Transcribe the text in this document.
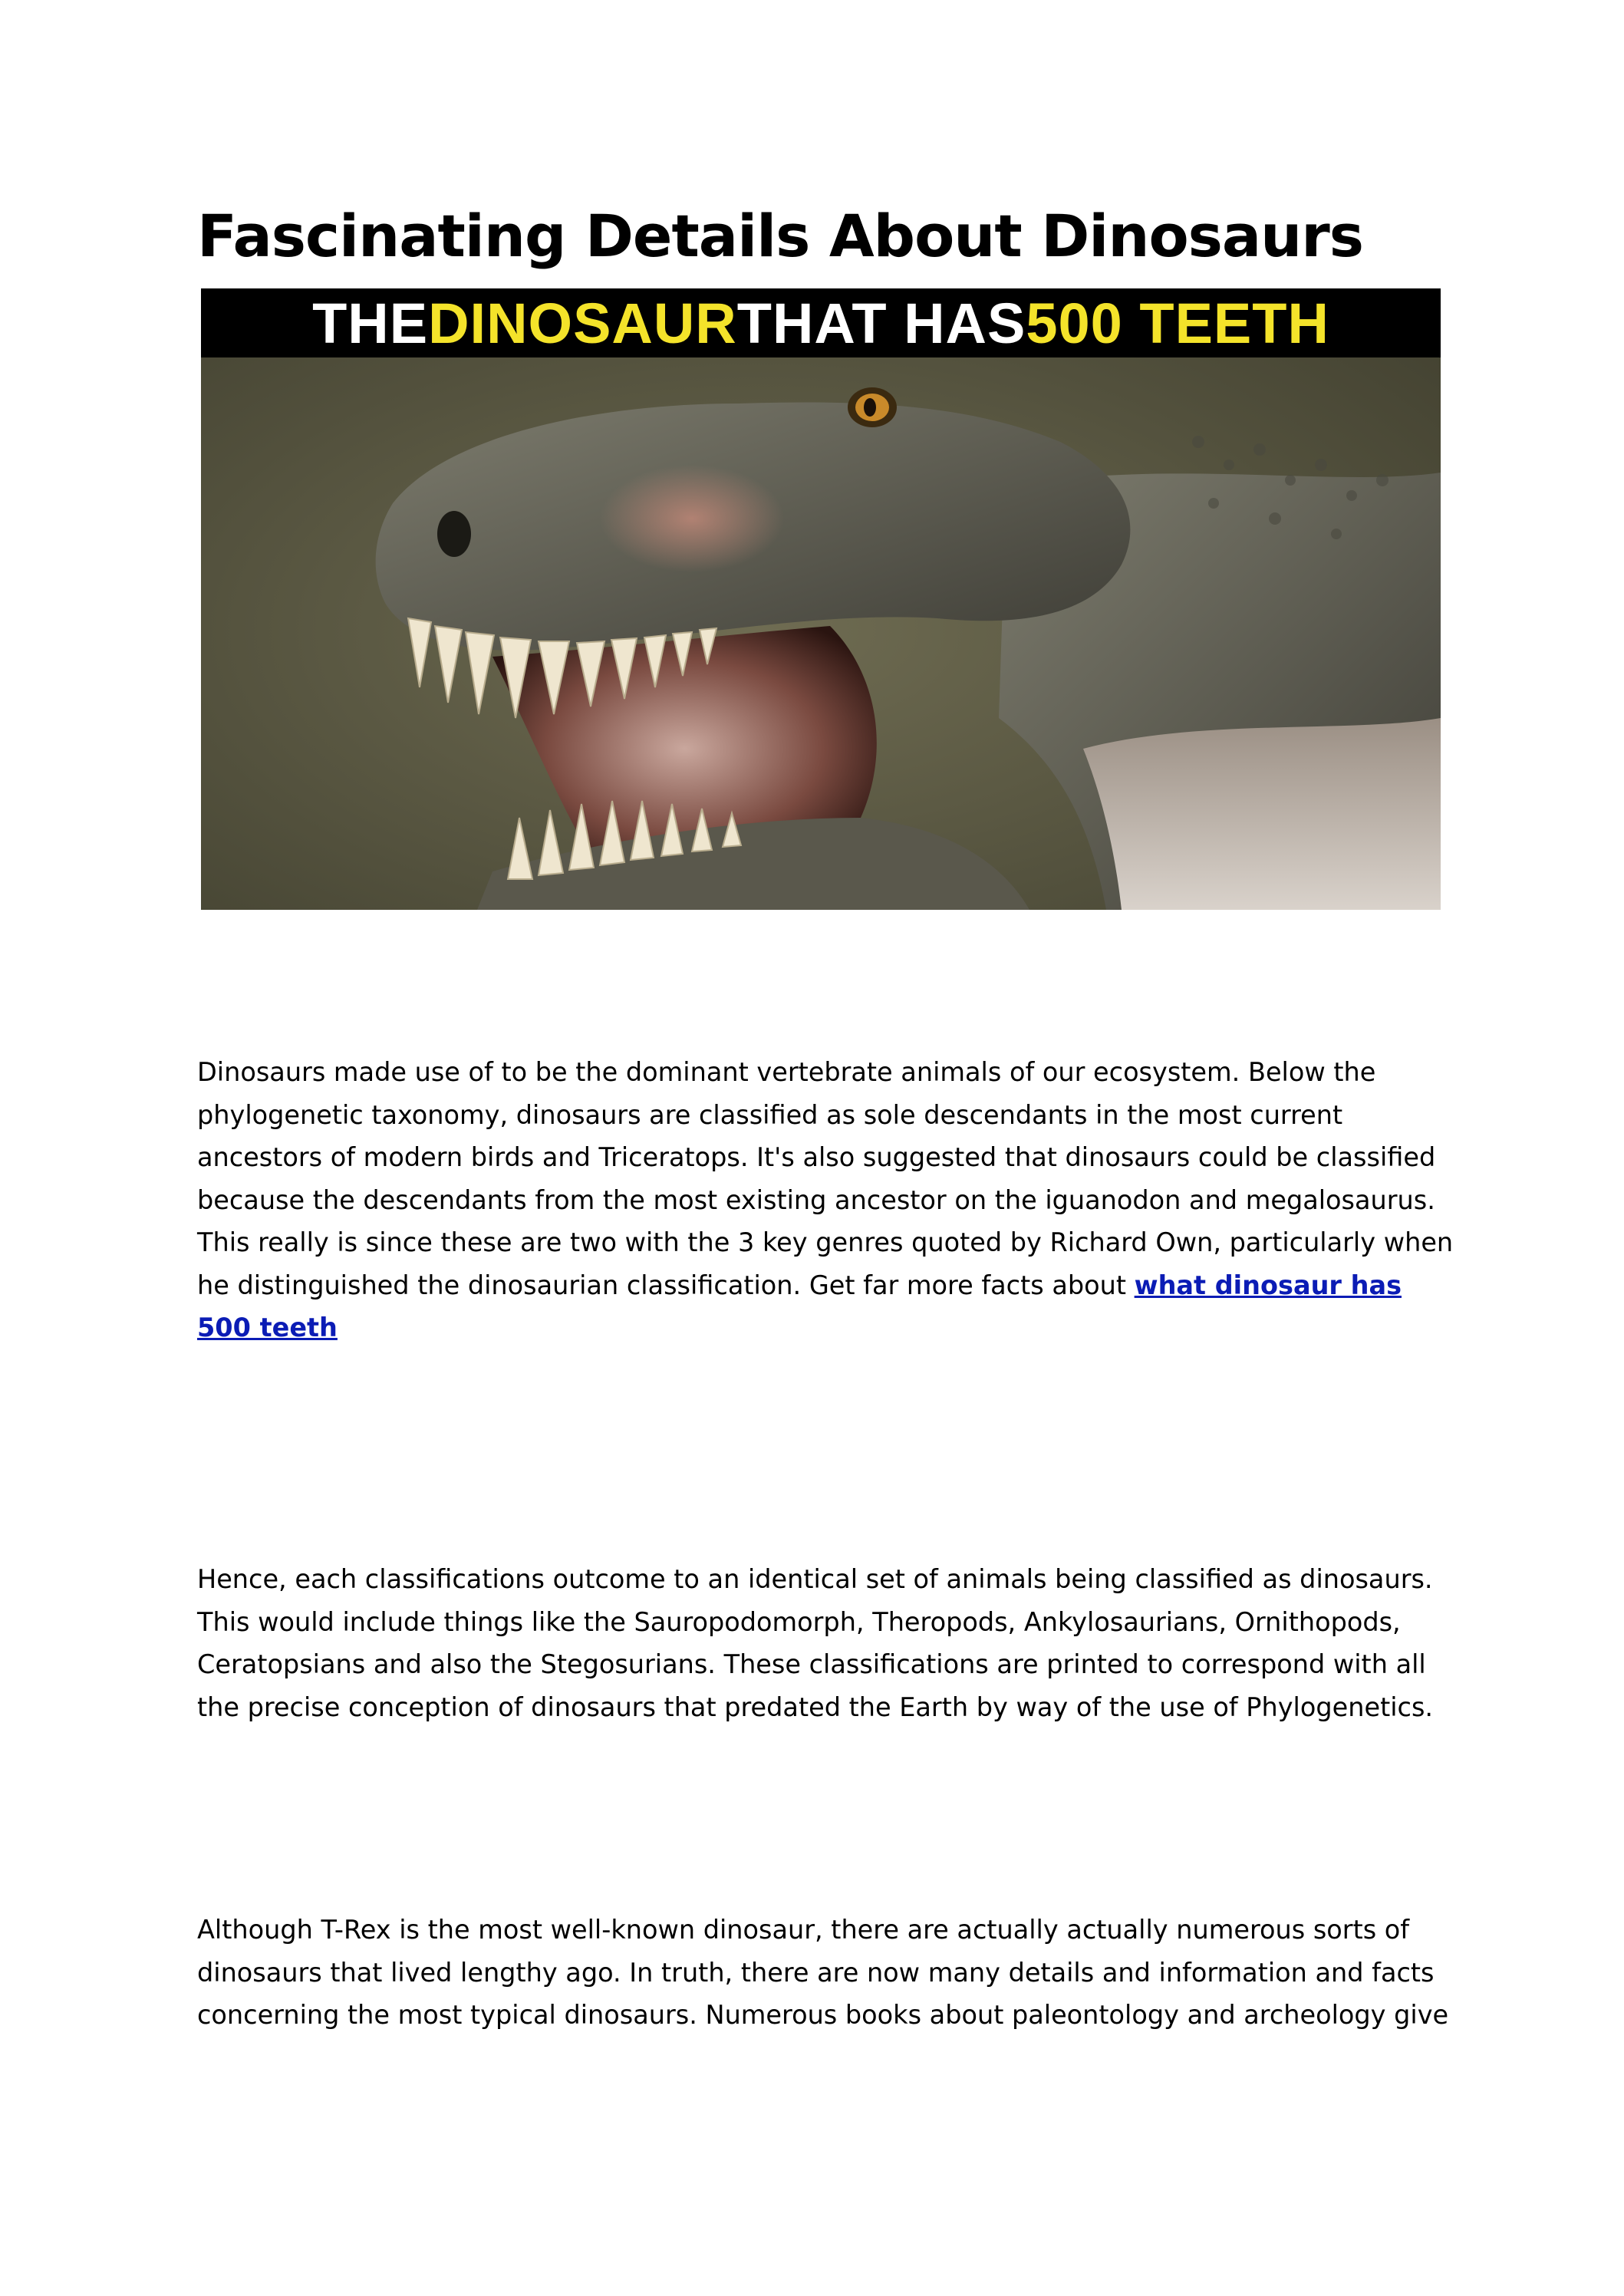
Fascinating Details About Dinosaurs
THE DINOSAUR THAT HAS 500 TEETH

Dinosaurs made use of to be the dominant vertebrate animals of our ecosystem. Below the phylogenetic taxonomy, dinosaurs are classified as sole descendants in the most current ancestors of modern birds and Triceratops. It's also suggested that dinosaurs could be classified because the descendants from the most existing ancestor on the iguanodon and megalosaurus. This really is since these are two with the 3 key genres quoted by Richard Own, particularly when he distinguished the dinosaurian classification. Get far more facts about what dinosaur has 500 teeth

Hence, each classifications outcome to an identical set of animals being classified as dinosaurs. This would include things like the Sauropodomorph, Theropods, Ankylosaurians, Ornithopods, Ceratopsians and also the Stegosurians. These classifications are printed to correspond with all the precise conception of dinosaurs that predated the Earth by way of the use of Phylogenetics.

Although T-Rex is the most well-known dinosaur, there are actually actually numerous sorts of dinosaurs that lived lengthy ago. In truth, there are now many details and information and facts concerning the most typical dinosaurs. Numerous books about paleontology and archeology give
